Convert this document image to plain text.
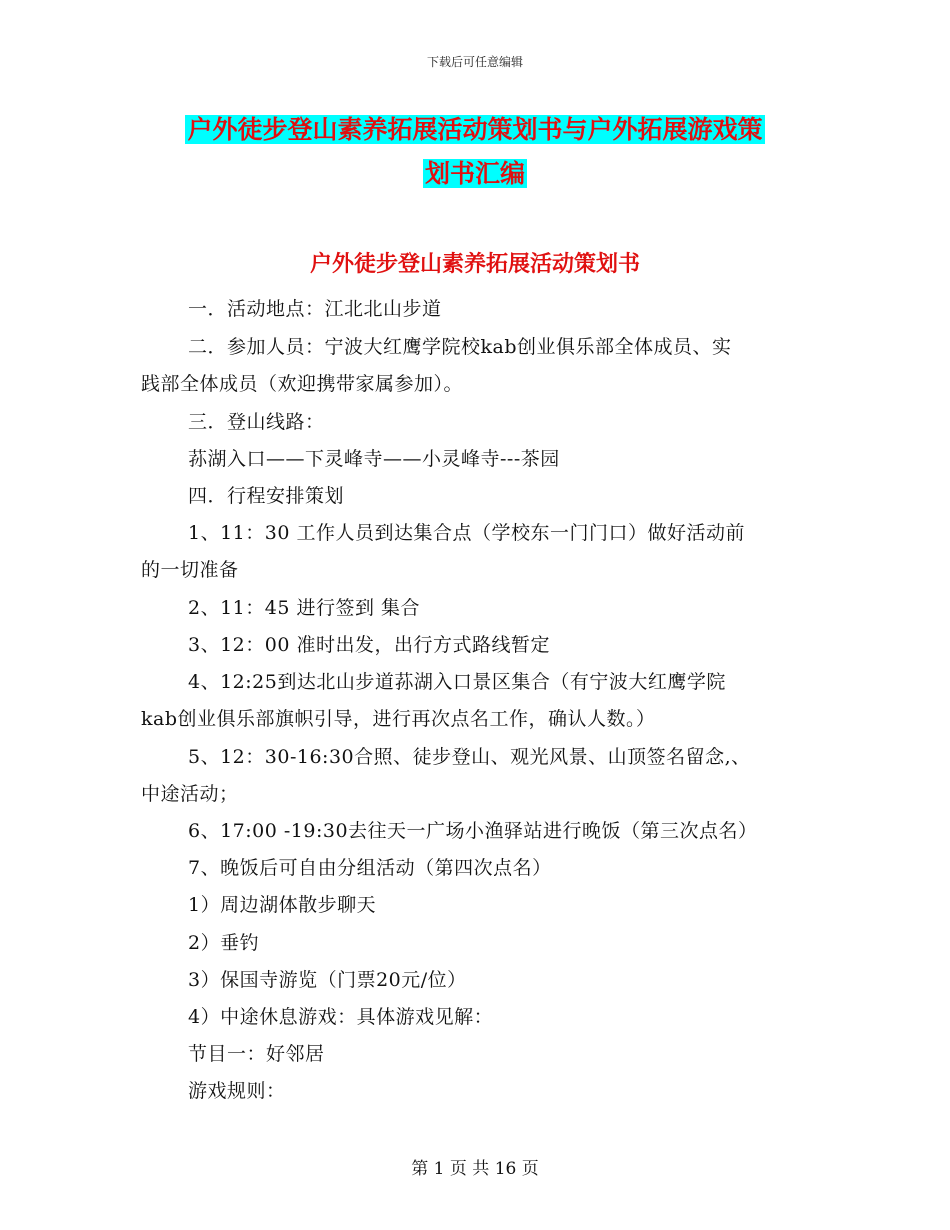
下载后可任意编辑
户外徒步登山素养拓展活动策划书与户外拓展游戏策
划书汇编
户外徒步登山素养拓展活动策划书
一．活动地点：江北北山步道
二．参加人员：宁波大红鹰学院校kab创业俱乐部全体成员、实
践部全体成员（欢迎携带家属参加）。
三．登山线路：
荪湖入口——下灵峰寺——小灵峰寺---茶园
四．行程安排策划
1、11：30 工作人员到达集合点（学校东一门门口）做好活动前
的一切准备
2、11：45 进行签到 集合
3、12：00 准时出发，出行方式路线暂定
4、12:25到达北山步道荪湖入口景区集合（有宁波大红鹰学院
kab创业俱乐部旗帜引导，进行再次点名工作，确认人数。）
5、12：30-16:30合照、徒步登山、观光风景、山顶签名留念,、
中途活动；
6、17:00 -19:30去往天一广场小渔驿站进行晚饭（第三次点名）
7、晚饭后可自由分组活动（第四次点名）
1）周边湖体散步聊天
2）垂钓
3）保国寺游览（门票20元/位）
4）中途休息游戏：具体游戏见解：
节目一：好邻居
游戏规则：
第 1 页 共 16 页
